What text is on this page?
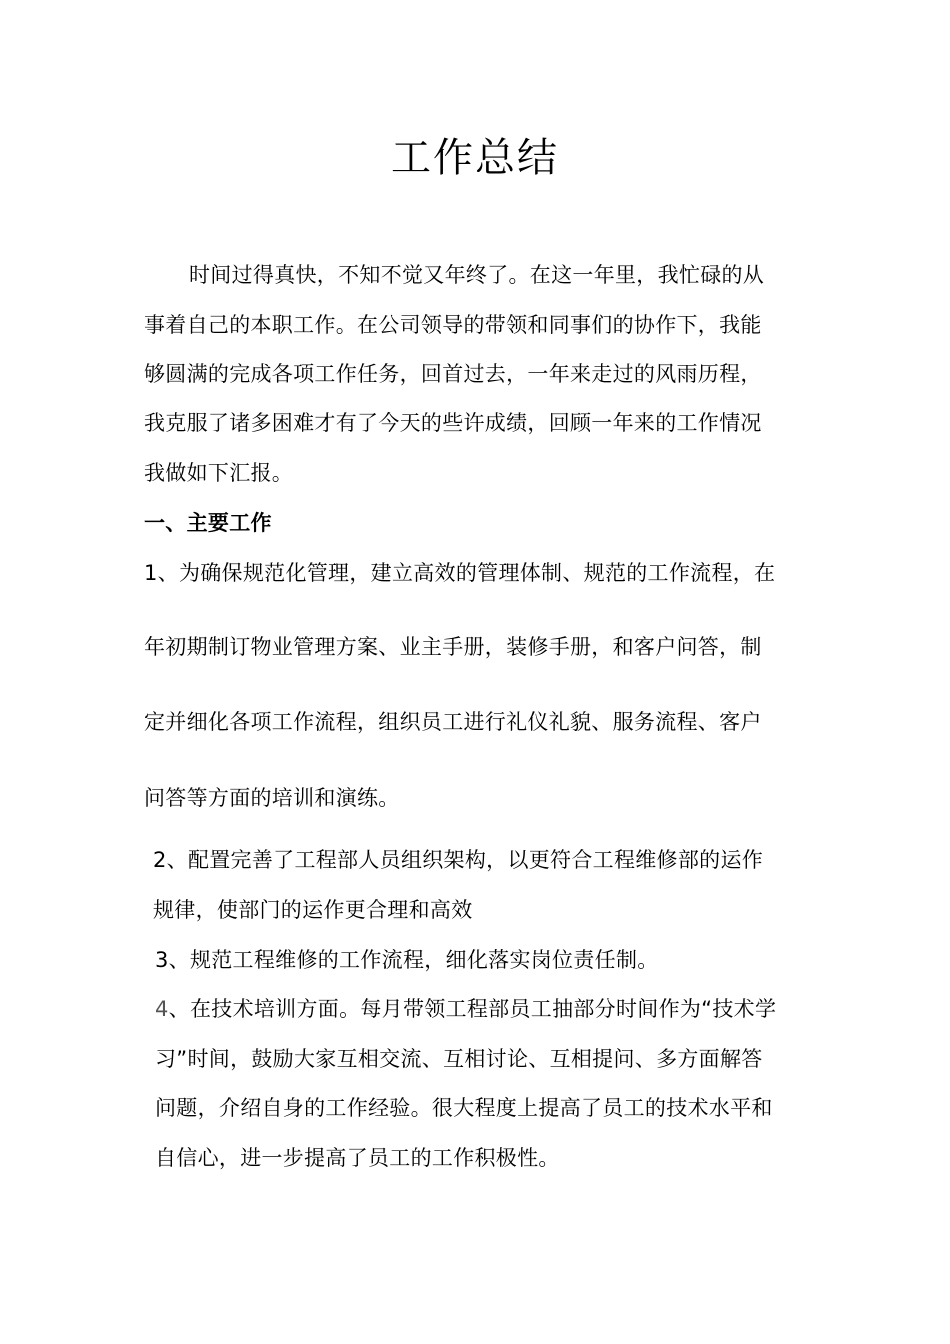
工作总结
时间过得真快，不知不觉又年终了。在这一年里，我忙碌的从
事着自己的本职工作。在公司领导的带领和同事们的协作下，我能
够圆满的完成各项工作任务，回首过去，一年来走过的风雨历程，
我克服了诸多困难才有了今天的些许成绩，回顾一年来的工作情况
我做如下汇报。
一、主要工作
1、为确保规范化管理，建立高效的管理体制、规范的工作流程，在
年初期制订物业管理方案、业主手册，装修手册，和客户问答，制
定并细化各项工作流程，组织员工进行礼仪礼貌、服务流程、客户
问答等方面的培训和演练。
2、配置完善了工程部人员组织架构，以更符合工程维修部的运作
规律，使部门的运作更合理和高效
3、规范工程维修的工作流程，细化落实岗位责任制。
4、在技术培训方面。每月带领工程部员工抽部分时间作为“技术学
习”时间，鼓励大家互相交流、互相讨论、互相提问、多方面解答
问题，介绍自身的工作经验。很大程度上提高了员工的技术水平和
自信心，进一步提高了员工的工作积极性。
